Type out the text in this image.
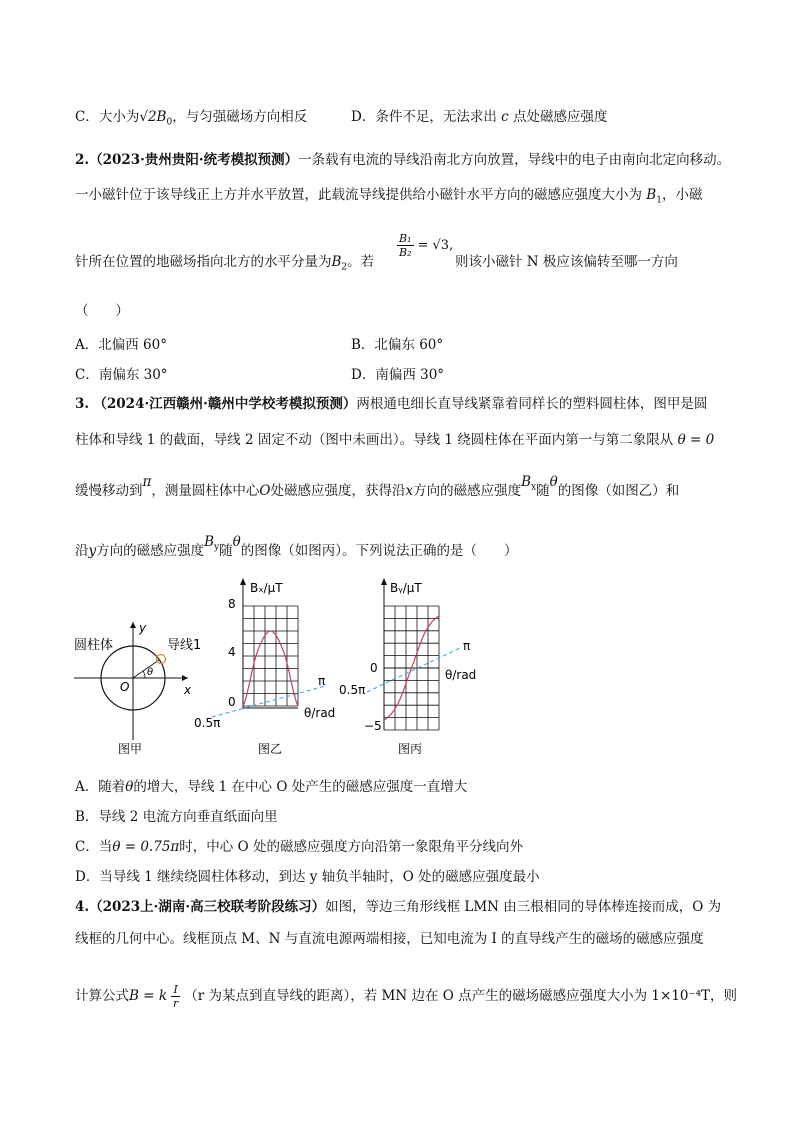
C．大小为$√2B_0$，与匀强磁场方向相反	D．条件不足，无法求出 c 点处磁感应强度
2.（2023·贵州贵阳·统考模拟预测）一条载有电流的导线沿南北方向放置，导线中的电子由南向北定向移动。
一小磁针位于该导线正上方并水平放置，此载流导线提供给小磁针水平方向的磁感应强度大小为 $B_1$，小磁
针所在位置的地磁场指向北方的水平分量为$B_2$。若
$\frac{\text{B₁}}{\text{B₂}} = √3$,
则该小磁针 N 极应该偏转至哪一方向
（　　）
A．北偏西 60°	B．北偏东 60°
C．南偏东 30°	D．南偏西 30°
3. （2024·江西赣州·赣州中学校考模拟预测）两根通电细长直导线紧靠着同样长的塑料圆柱体，图甲是圆
柱体和导线 1 的截面，导线 2 固定不动（图中未画出）。导线 1 绕圆柱体在平面内第一与第二象限从 θ = 0
缓慢移动到π，测量圆柱体中心O处磁感应强度，获得沿x方向的磁感应强度$B_x$随θ的图像（如图乙）和
沿y方向的磁感应强度$B_y$随θ的图像（如图丙）。下列说法正确的是（　　）
圆柱体	导线1
y
x
O
θ
图甲
Bₓ/μT
8
4
0
π
0.5π
θ/rad
图乙
Bᵧ/μT
0
−5
π
0.5π
θ/rad
图丙
A．随着θ的增大，导线 1 在中心 O 处产生的磁感应强度一直增大
B．导线 2 电流方向垂直纸面向里
C．当θ = 0.75π时，中心 O 处的磁感应强度方向沿第一象限角平分线向外
D．当导线 1 继续绕圆柱体移动，到达 y 轴负半轴时，O 处的磁感应强度最小
4.（2023上·湖南·高三校联考阶段练习）如图，等边三角形线框 LMN 由三根相同的导体棒连接而成，O 为
线框的几何中心。线框顶点 M、N 与直流电源两端相接，已知电流为 I 的直导线产生的磁场的磁感应强度
计算公式B = k $\frac{I}{r} (r$ 为某点到直导线的距离），若 MN 边在 O 点产生的磁场磁感应强度大小为 1×10⁻⁴T，则
